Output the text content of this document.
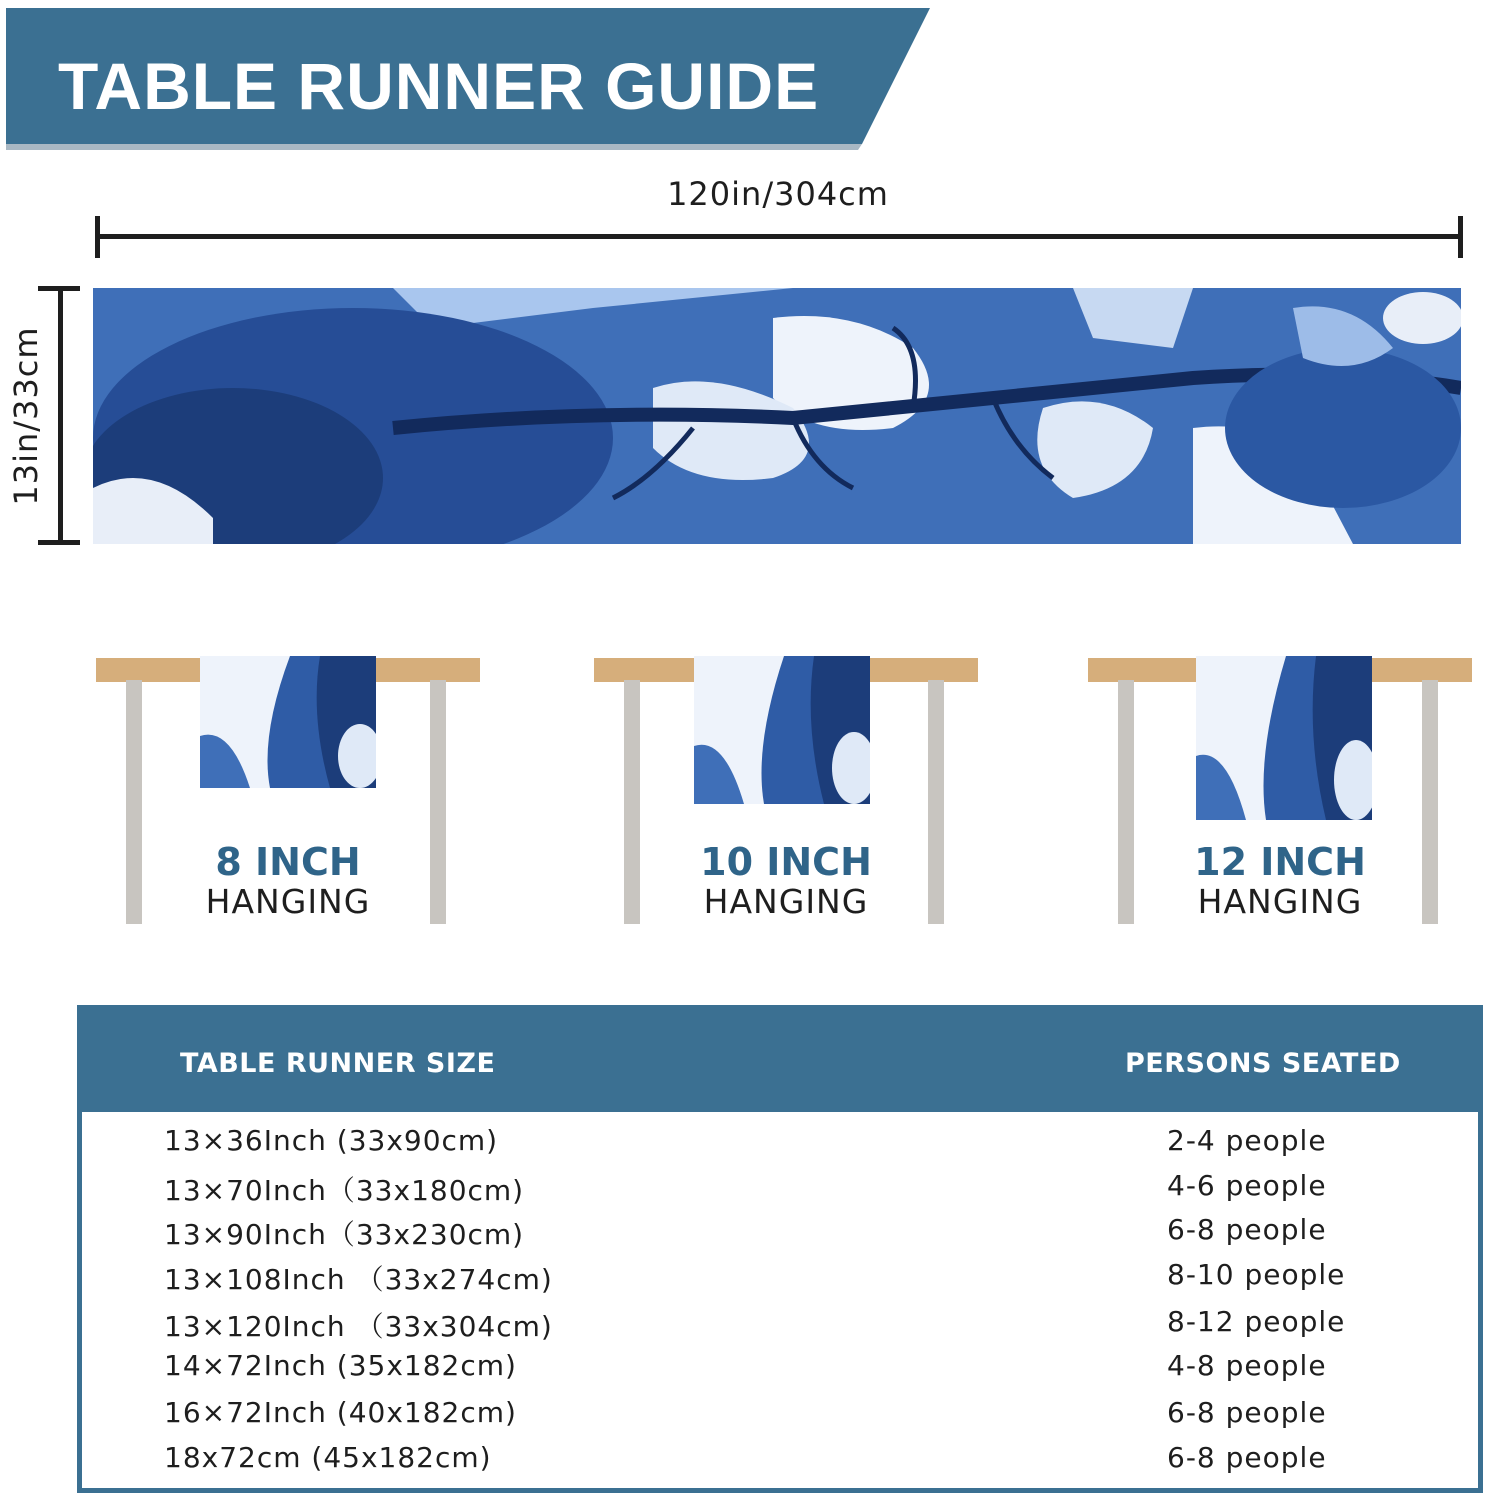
TABLE RUNNER GUIDE
120in/304cm
13in/33cm
8 INCH
HANGING
10 INCH
HANGING
12 INCH
HANGING
TABLE RUNNER SIZE	PERSONS SEATED
13×36Inch (33x90cm)	2-4 people
13×70Inch（33x180cm)	4-6 people
13×90Inch（33x230cm)	6-8 people
13×108Inch （33x274cm)	8-10 people
13×120Inch （33x304cm)	8-12 people
14×72Inch (35x182cm)	4-8 people
16×72Inch (40x182cm)	6-8 people
18x72cm (45x182cm)	6-8 people
